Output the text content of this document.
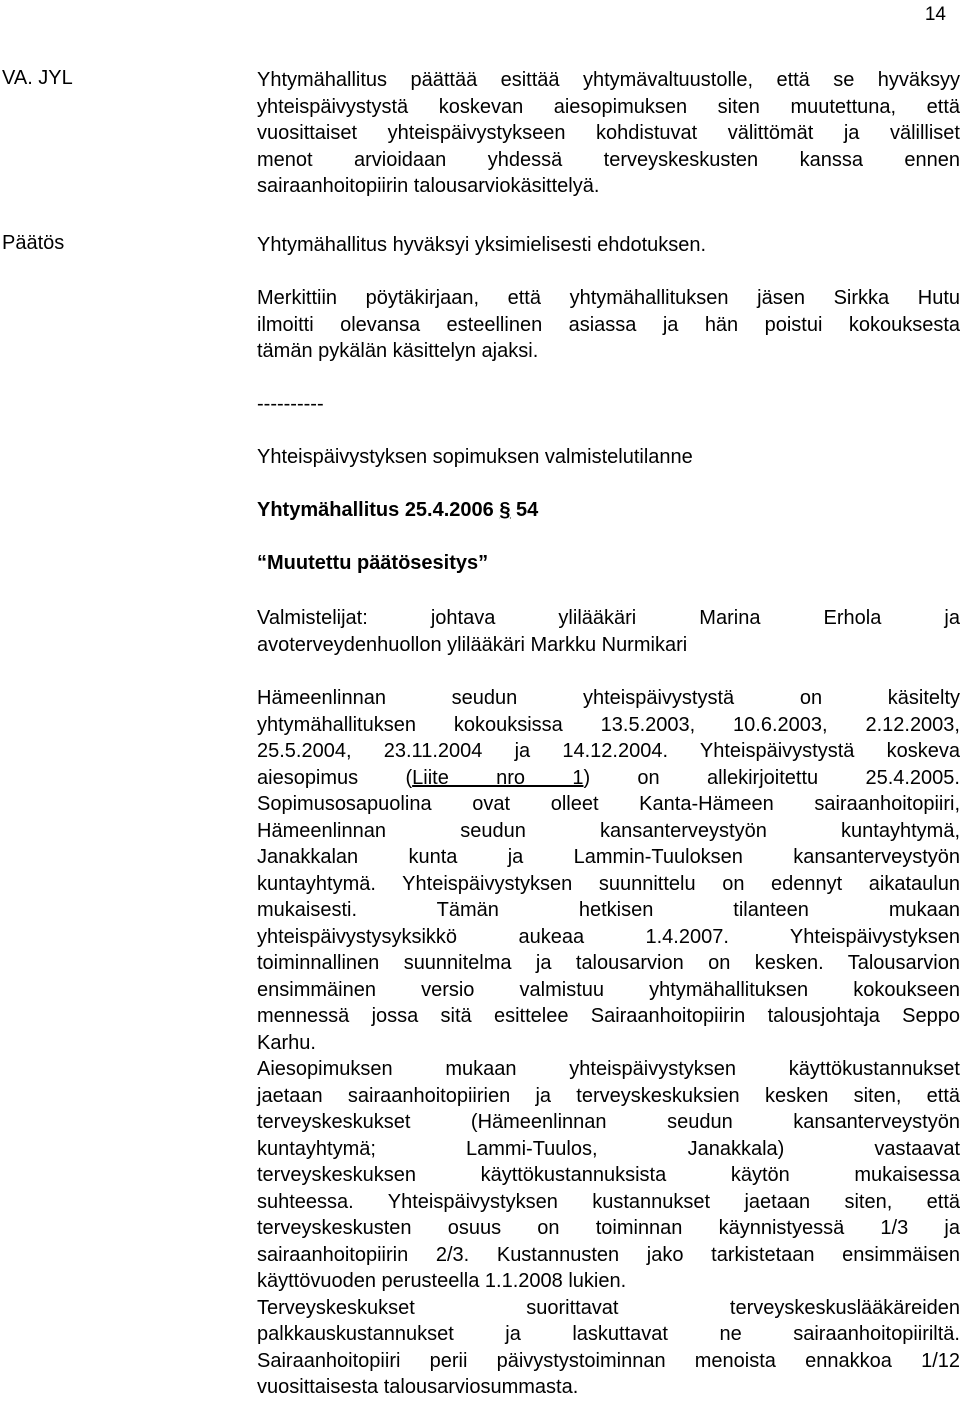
14
VA. JYL
Päätös
Yhtymähallitus päättää esittää yhtymävaltuustolle, että se hyväksyy
yhteispäivystystä koskevan aiesopimuksen siten muutettuna, että
vuosittaiset yhteispäivystykseen kohdistuvat välittömät ja välilliset
menot arvioidaan yhdessä terveyskeskusten kanssa ennen
sairaanhoitopiirin talousarviokäsittelyä.
Yhtymähallitus hyväksyi yksimielisesti ehdotuksen.
Merkittiin pöytäkirjaan, että yhtymähallituksen jäsen Sirkka Hutu
ilmoitti olevansa esteellinen asiassa ja hän poistui kokouksesta
tämän pykälän käsittelyn ajaksi.
----------
Yhteispäivystyksen sopimuksen valmistelutilanne
Yhtymähallitus 25.4.2006 § 54
“Muutettu päätösesitys”
Valmistelijat: johtava ylilääkäri Marina Erhola ja
avoterveydenhuollon ylilääkäri Markku Nurmikari
Hämeenlinnan seudun yhteispäivystystä on käsitelty
yhtymähallituksen kokouksissa 13.5.2003, 10.6.2003, 2.12.2003,
25.5.2004, 23.11.2004 ja 14.12.2004. Yhteispäivystystä koskeva
aiesopimus (Liite nro 1) on allekirjoitettu 25.4.2005.
Sopimusosapuolina ovat olleet Kanta-Hämeen sairaanhoitopiiri,
Hämeenlinnan seudun kansanterveystyön kuntayhtymä,
Janakkalan kunta ja Lammin-Tuuloksen kansanterveystyön
kuntayhtymä. Yhteispäivystyksen suunnittelu on edennyt aikataulun
mukaisesti. Tämän hetkisen tilanteen mukaan
yhteispäivystysyksikkö aukeaa 1.4.2007. Yhteispäivystyksen
toiminnallinen suunnitelma ja talousarvion on kesken. Talousarvion
ensimmäinen versio valmistuu yhtymähallituksen kokoukseen
mennessä jossa sitä esittelee Sairaanhoitopiirin talousjohtaja Seppo
Karhu.
Aiesopimuksen mukaan yhteispäivystyksen käyttökustannukset
jaetaan sairaanhoitopiirien ja terveyskeskuksien kesken siten, että
terveyskeskukset (Hämeenlinnan seudun kansanterveystyön
kuntayhtymä; Lammi-Tuulos, Janakkala) vastaavat
terveyskeskuksen käyttökustannuksista käytön mukaisessa
suhteessa. Yhteispäivystyksen kustannukset jaetaan siten, että
terveyskeskusten osuus on toiminnan käynnistyessä 1/3 ja
sairaanhoitopiirin 2/3. Kustannusten jako tarkistetaan ensimmäisen
käyttövuoden perusteella 1.1.2008 lukien.
Terveyskeskukset suorittavat terveyskeskuslääkäreiden
palkkauskustannukset ja laskuttavat ne sairaanhoitopiiriltä.
Sairaanhoitopiiri perii päivystystoiminnan menoista ennakkoa 1/12
vuosittaisesta talousarviosummasta.
